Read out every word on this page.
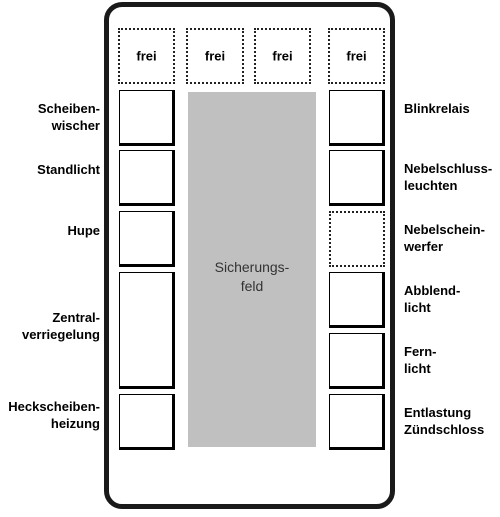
frei	frei	frei	frei
Sicherungs-
feld
Scheiben-
wischer
Standlicht
Hupe
Zentral-
verriegelung
Heckscheiben-
heizung
Blinkrelais
Nebelschluss-
leuchten
Nebelschein-
werfer
Abblend-
licht
Fern-
licht
Entlastung
Zündschloss
